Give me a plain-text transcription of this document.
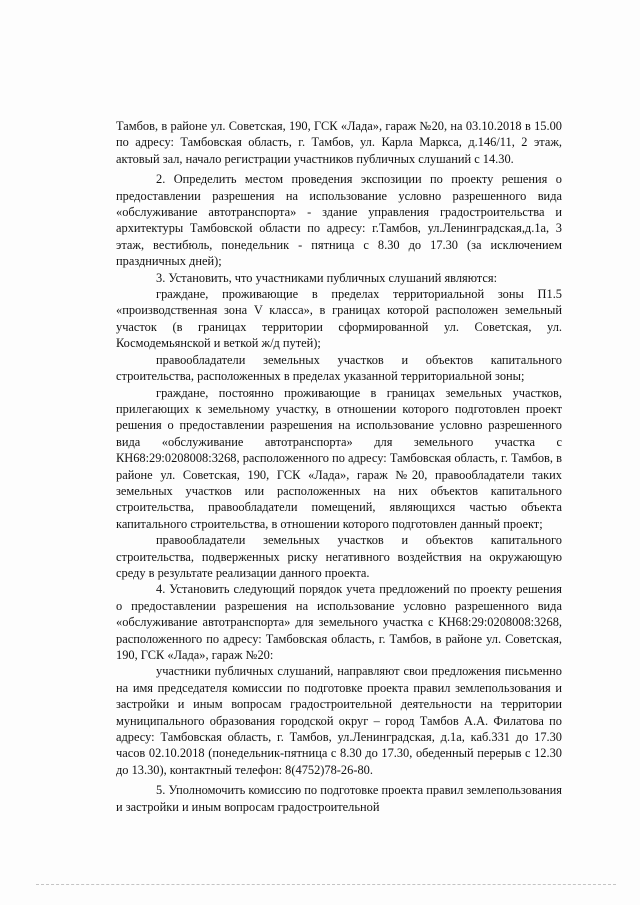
Тамбов, в районе ул. Советская, 190, ГСК «Лада», гараж №20, на 03.10.2018 в 15.00 по адресу: Тамбовская область, г. Тамбов, ул. Карла Маркса, д.146/11, 2 этаж, актовый зал, начало регистрации участников публичных слушаний с 14.30.

2. Определить местом проведения экспозиции по проекту решения о предоставлении разрешения на использование условно разрешенного вида «обслуживание автотранспорта» - здание управления градостроительства и архитектуры Тамбовской области по адресу: г.Тамбов, ул.Ленинградская,д.1а, 3 этаж, вестибюль, понедельник - пятница с 8.30 до 17.30 (за исключением праздничных дней);

3. Установить, что участниками публичных слушаний являются:

граждане, проживающие в пределах территориальной зоны П1.5 «производственная зона V класса», в границах которой расположен земельный участок (в границах территории сформированной ул. Советская, ул. Космодемьянской и веткой ж/д путей);

правообладатели земельных участков и объектов капитального строительства, расположенных в пределах указанной территориальной зоны;

граждане, постоянно проживающие в границах земельных участков, прилегающих к земельному участку, в отношении которого подготовлен проект решения о предоставлении разрешения на использование условно разрешенного вида «обслуживание автотранспорта» для земельного участка с КН68:29:0208008:3268, расположенного по адресу: Тамбовская область, г. Тамбов, в районе ул. Советская, 190, ГСК «Лада», гараж №20, правообладатели таких земельных участков или расположенных на них объектов капитального строительства, правообладатели помещений, являющихся частью объекта капитального строительства, в отношении которого подготовлен данный проект;

правообладатели земельных участков и объектов капитального строительства, подверженных риску негативного воздействия на окружающую среду в результате реализации данного проекта.

4. Установить следующий порядок учета предложений по проекту решения о предоставлении разрешения на использование условно разрешенного вида «обслуживание автотранспорта» для земельного участка с КН68:29:0208008:3268, расположенного по адресу: Тамбовская область, г. Тамбов, в районе ул. Советская, 190, ГСК «Лада», гараж №20:

участники публичных слушаний, направляют свои предложения письменно на имя председателя комиссии по подготовке проекта правил землепользования и застройки и иным вопросам градостроительной деятельности на территории муниципального образования городской округ – город Тамбов А.А. Филатова по адресу: Тамбовская область, г. Тамбов, ул.Ленинградская, д.1а, каб.331 до 17.30 часов 02.10.2018 (понедельник-пятница с 8.30 до 17.30, обеденный перерыв с 12.30 до 13.30), контактный телефон: 8(4752)78-26-80.

5. Уполномочить комиссию по подготовке проекта правил землепользования и застройки и иным вопросам градостроительной
